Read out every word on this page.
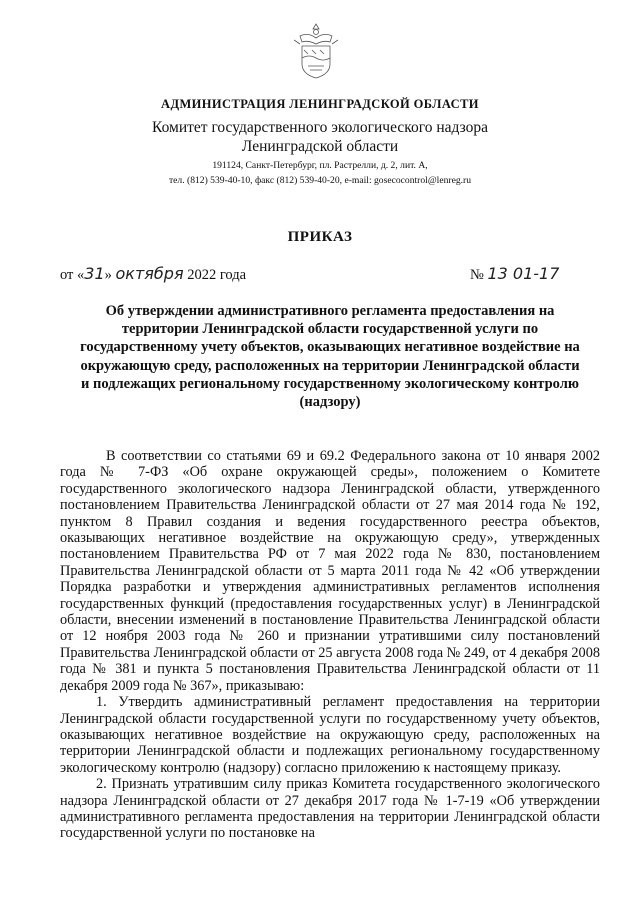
АДМИНИСТРАЦИЯ ЛЕНИНГРАДСКОЙ ОБЛАСТИ
Комитет государственного экологического надзора
Ленинградской области
191124, Санкт-Петербург, пл. Растрелли, д. 2, лит. А,
тел. (812) 539-40-10, факс (812) 539-40-20, e-mail: gosecocontrol@lenreg.ru
ПРИКАЗ
от «31» октября 2022 года	№ 13 01-17
Об утверждении административного регламента предоставления на территории Ленинградской области государственной услуги по государственному учету объектов, оказывающих негативное воздействие на окружающую среду, расположенных на территории Ленинградской области и подлежащих региональному государственному экологическому контролю (надзору)

В соответствии со статьями 69 и 69.2 Федерального закона от 10 января 2002 года № 7-ФЗ «Об охране окружающей среды», положением о Комитете государственного экологического надзора Ленинградской области, утвержденного постановлением Правительства Ленинградской области от 27 мая 2014 года № 192, пунктом 8 Правил создания и ведения государственного реестра объектов, оказывающих негативное воздействие на окружающую среду», утвержденных постановлением Правительства РФ от 7 мая 2022 года № 830, постановлением Правительства Ленинградской области от 5 марта 2011 года № 42 «Об утверждении Порядка разработки и утверждения административных регламентов исполнения государственных функций (предоставления государственных услуг) в Ленинградской области, внесении изменений в постановление Правительства Ленинградской области от 12 ноября 2003 года № 260 и признании утратившими силу постановлений Правительства Ленинградской области от 25 августа 2008 года № 249, от 4 декабря 2008 года № 381 и пункта 5 постановления Правительства Ленинградской области от 11 декабря 2009 года № 367», приказываю:

1. Утвердить административный регламент предоставления на территории Ленинградской области государственной услуги по государственному учету объектов, оказывающих негативное воздействие на окружающую среду, расположенных на территории Ленинградской области и подлежащих региональному государственному экологическому контролю (надзору) согласно приложению к настоящему приказу.

2. Признать утратившим силу приказ Комитета государственного экологического надзора Ленинградской области от 27 декабря 2017 года № 1-7-19 «Об утверждении административного регламента предоставления на территории Ленинградской области государственной услуги по постановке на
